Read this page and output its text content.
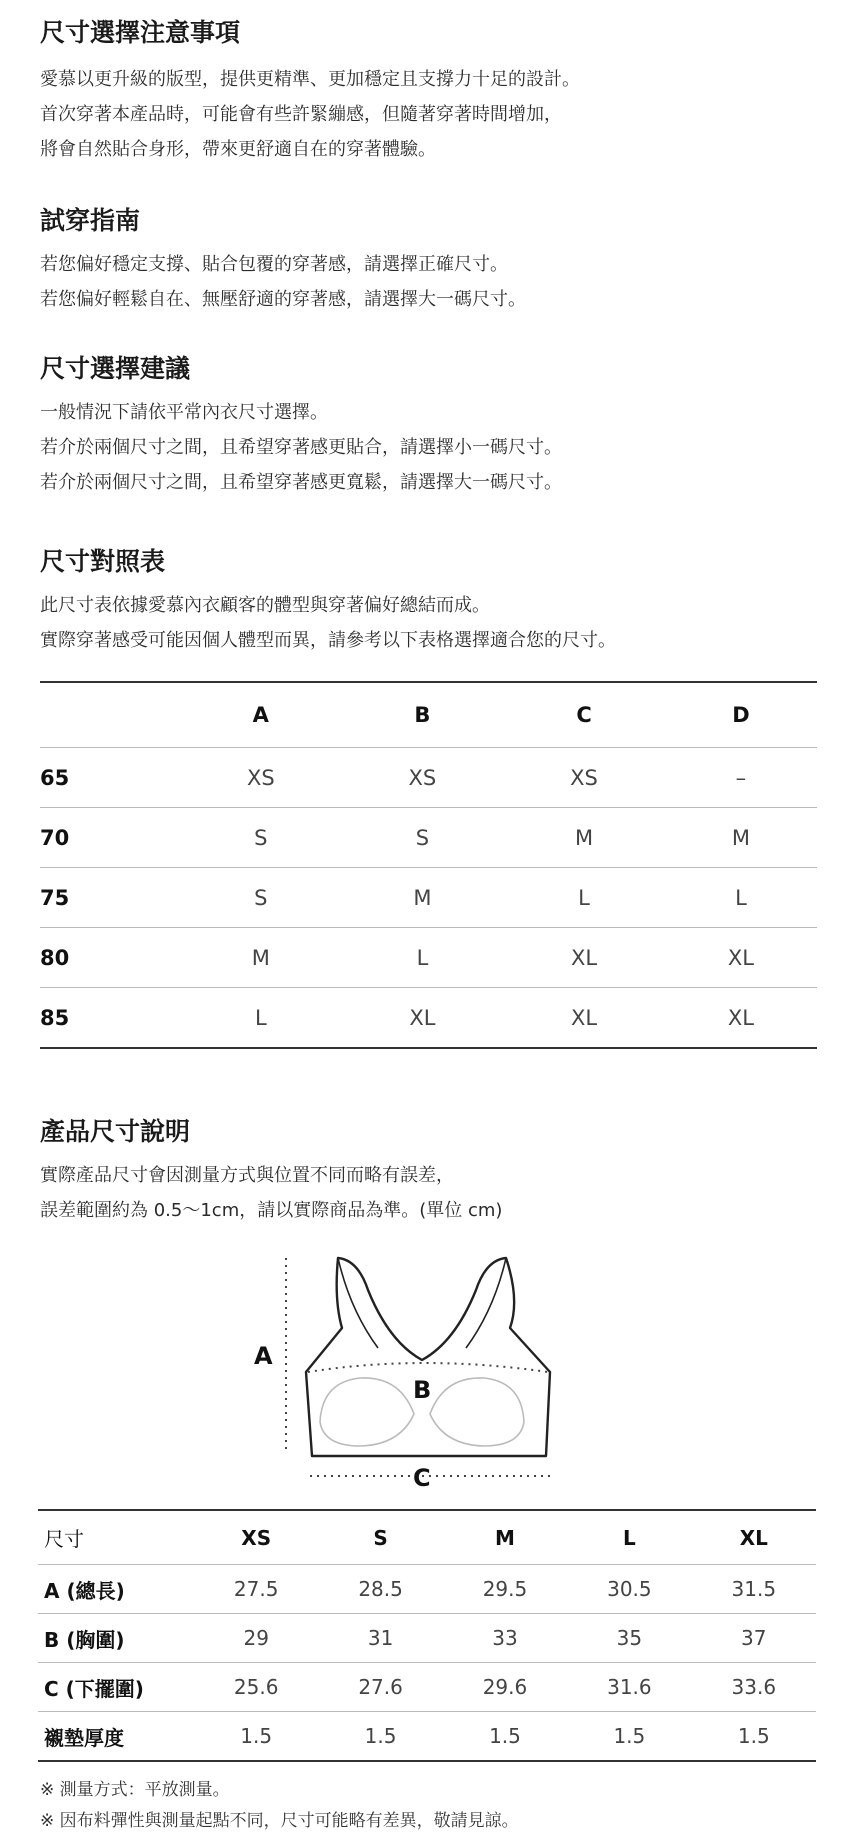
尺寸選擇注意事項

愛慕以更升級的版型，提供更精準、更加穩定且支撐力十足的設計。

首次穿著本產品時，可能會有些許緊繃感，但隨著穿著時間增加，

將會自然貼合身形，帶來更舒適自在的穿著體驗。

試穿指南

若您偏好穩定支撐、貼合包覆的穿著感，請選擇正確尺寸。

若您偏好輕鬆自在、無壓舒適的穿著感，請選擇大一碼尺寸。

尺寸選擇建議

一般情況下請依平常內衣尺寸選擇。

若介於兩個尺寸之間，且希望穿著感更貼合，請選擇小一碼尺寸。

若介於兩個尺寸之間，且希望穿著感更寬鬆，請選擇大一碼尺寸。

尺寸對照表

此尺寸表依據愛慕內衣顧客的體型與穿著偏好總結而成。

實際穿著感受可能因個人體型而異，請參考以下表格選擇適合您的尺寸。

	A	B	C	D
65	XS	XS	XS	–
70	S	S	M	M
75	S	M	L	L
80	M	L	XL	XL
85	L	XL	XL	XL
產品尺寸說明

實際產品尺寸會因測量方式與位置不同而略有誤差，

誤差範圍約為 0.5～1cm，請以實際商品為準。(單位 cm)

A
B
C
尺寸	XS	S	M	L	XL
A (總長)	27.5	28.5	29.5	30.5	31.5
B (胸圍)	29	31	33	35	37
C (下擺圍)	25.6	27.6	29.6	31.6	33.6
襯墊厚度	1.5	1.5	1.5	1.5	1.5

※ 測量方式：平放測量。

※ 因布料彈性與測量起點不同，尺寸可能略有差異，敬請見諒。
